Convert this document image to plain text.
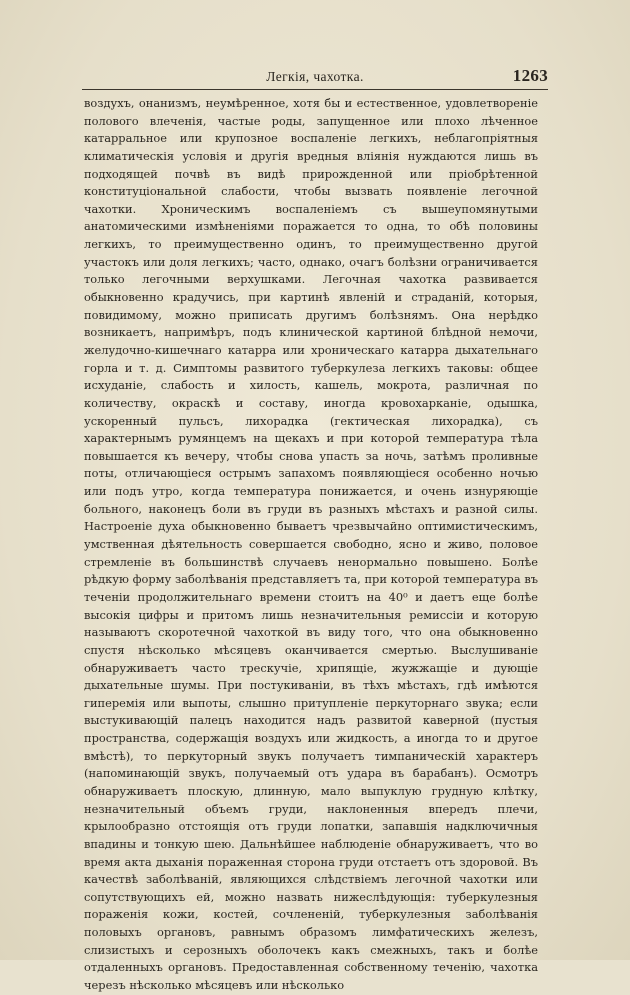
Легкія, чахотка.	1263

воздухъ, онанизмъ, неумѣренное, хотя бы и естественное, удовлетвореніе полового влеченія, частые роды, запущенное или плохо лѣченное катарральное или крупозное воспаленіе легкихъ, неблагопріятныя климатическія условія и другія вредныя вліянія нуждаются лишь въ подходящей почвѣ въ видѣ прирожденной или пріобрѣтенной конституціональной слабости, чтобы вызвать появленіе легочной чахотки. Хроническимъ воспаленіемъ съ вышеупомянутыми анатомическими измѣненіями поражается то одна, то обѣ половины легкихъ, то преимущественно одинъ, то преимущественно другой участокъ или доля легкихъ; часто, однако, очагъ болѣзни ограничивается только легочными верхушками. Легочная чахотка развивается обыкновенно крадучись, при картинѣ явленій и страданій, которыя, повидимому, можно приписать другимъ болѣзнямъ. Она нерѣдко возникаетъ, напримѣръ, подъ клинической картиной блѣдной немочи, желудочно-кишечнаго катарра или хроническаго катарра дыхательнаго горла и т. д. Симптомы развитого туберкулеза легкихъ таковы: общее исхуданіе, слабость и хилость, кашель, мокрота, различная по количеству, окраскѣ и составу, иногда кровохарканіе, одышка, ускоренный пульсъ, лихорадка (гектическая лихорадка), съ характернымъ румянцемъ на щекахъ и при которой температура тѣла повышается къ вечеру, чтобы снова упасть за ночь, затѣмъ проливные поты, отличающіеся острымъ запахомъ появляющіеся особенно ночью или подъ утро, когда температура понижается, и очень изнуряющіе больного, наконецъ боли въ груди въ разныхъ мѣстахъ и разной силы. Настроеніе духа обыкновенно бываетъ чрезвычайно оптимистическимъ, умственная дѣятельность совершается свободно, ясно и живо, половое стремленіе въ большинствѣ случаевъ ненормально повышено. Болѣе рѣдкую форму заболѣванія представляетъ та, при которой температура въ теченіи продолжительнаго времени стоитъ на 40⁰ и даетъ еще болѣе высокія цифры и притомъ лишь незначительныя ремиссіи и которую называютъ скоротечной чахоткой въ виду того, что она обыкновенно спустя нѣсколько мѣсяцевъ оканчивается смертью. Выслушиваніе обнаруживаетъ часто трескучіе, хрипящіе, жужжащіе и дующіе дыхательные шумы. При постукиваніи, въ тѣхъ мѣстахъ, гдѣ имѣются гиперемія или выпоты, слышно притупленіе перкуторнаго звука; если выстукивающій палецъ находится надъ развитой каверной (пустыя пространства, содержащія воздухъ или жидкость, а иногда то и другое вмѣстѣ), то перкуторный звукъ получаетъ тимпаническій характеръ (напоминающій звукъ, получаемый отъ удара въ барабанъ). Осмотръ обнаруживаетъ плоскую, длинную, мало выпуклую грудную клѣтку, незначительный объемъ груди, наклоненныя впередъ плечи, крылообразно отстоящія отъ груди лопатки, запавшія надключичныя впадины и тонкую шею. Дальнѣйшее наблюденіе обнаруживаетъ, что во время акта дыханія пораженная сторона груди отстаетъ отъ здоровой. Въ качествѣ заболѣваній, являющихся слѣдствіемъ легочной чахотки или сопутствующихъ ей, можно назвать нижеслѣдующія: туберкулезныя пораженія кожи, костей, сочлененій, туберкулезныя заболѣванія половыхъ органовъ, равнымъ образомъ лимфатическихъ железъ, слизистыхъ и серозныхъ оболочекъ какъ смежныхъ, такъ и болѣе отдаленныхъ органовъ. Предоставленная собственному теченію, чахотка черезъ нѣсколько мѣсяцевъ или нѣсколько
